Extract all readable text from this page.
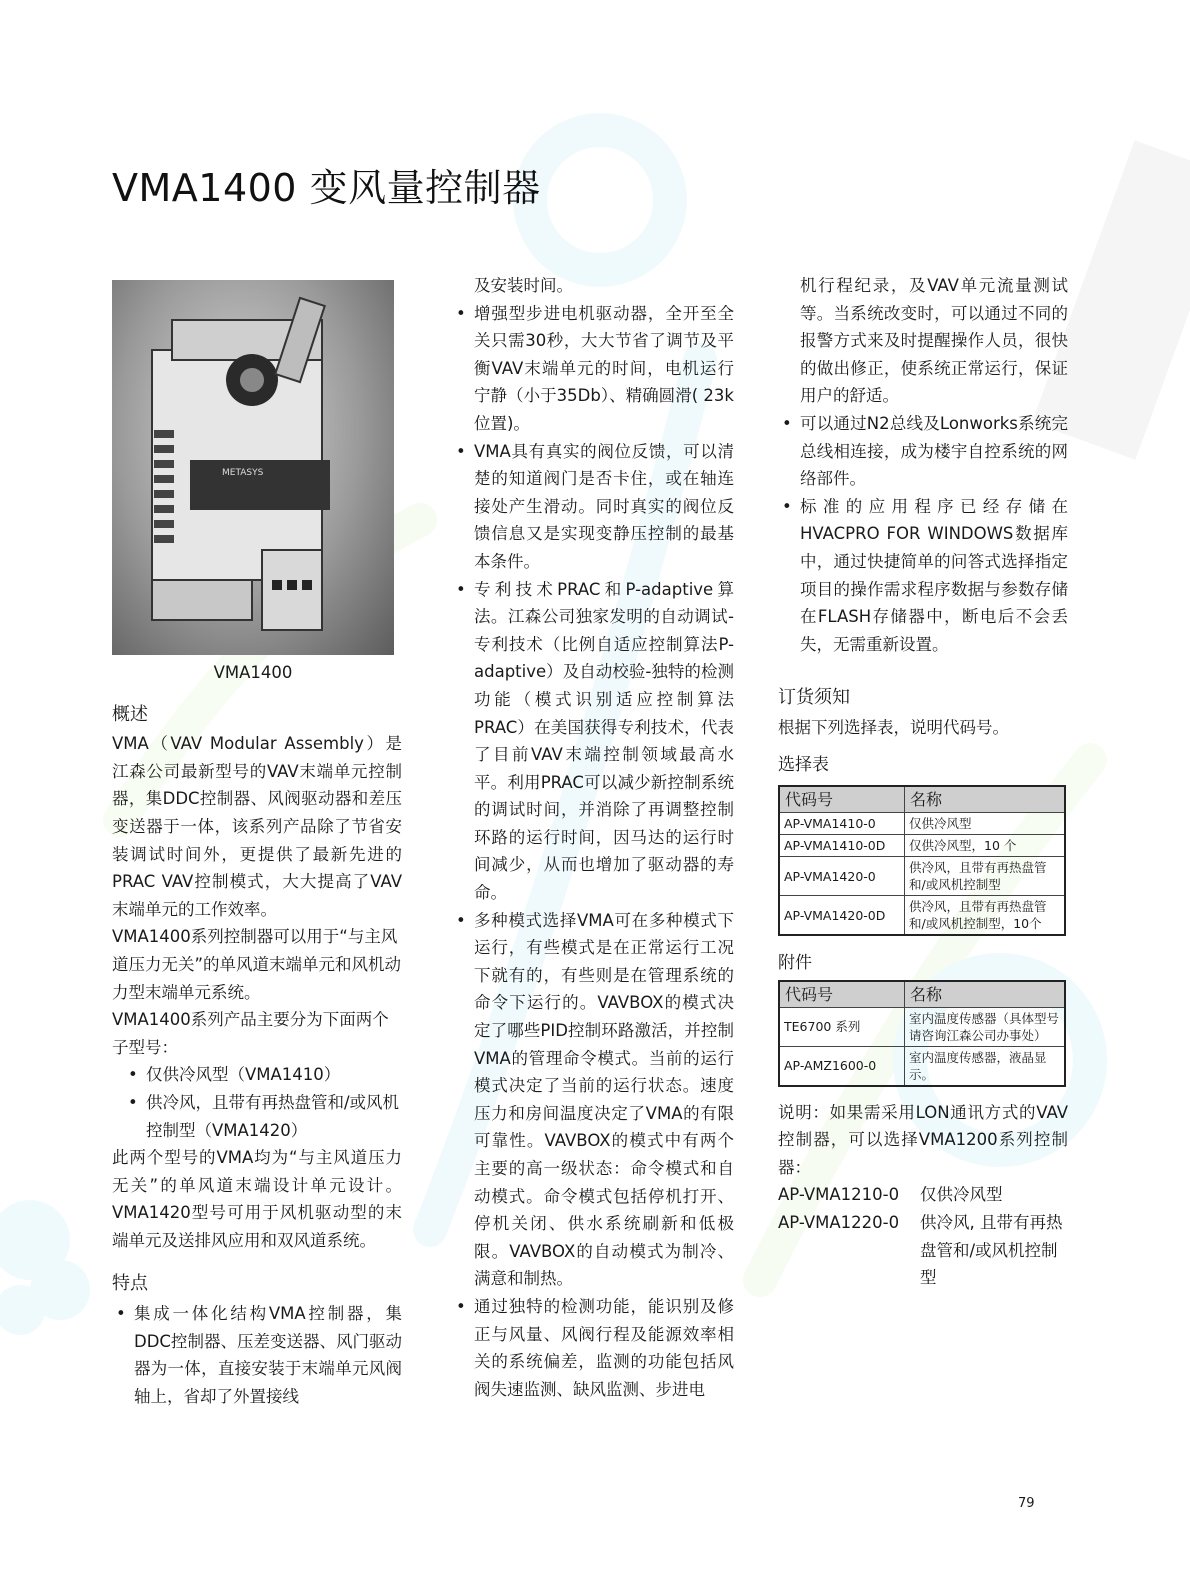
VMA1400 变风量控制器
METASYS
VMA1400
概述

VMA（VAV Modular Assembly）是江森公司最新型号的VAV末端单元控制器，集DDC控制器、风阀驱动器和差压变送器于一体，该系列产品除了节省安装调试时间外，更提供了最新先进的PRAC VAV控制模式，大大提高了VAV末端单元的工作效率。

VMA1400系列控制器可以用于“与主风道压力无关”的单风道末端单元和风机动力型末端单元系统。

VMA1400系列产品主要分为下面两个子型号：

• 仅供冷风型（VMA1410）
• 供冷风，且带有再热盘管和/或风机控制型（VMA1420）

此两个型号的VMA均为“与主风道压力无关”的单风道末端设计单元设计。VMA1420型号可用于风机驱动型的末端单元及送排风应用和双风道系统。

特点
• 集成一体化结构VMA控制器，集DDC控制器、压差变送器、风门驱动器为一体，直接安装于末端单元风阀轴上，省却了外置接线

及安装时间。

• 增强型步进电机驱动器，全开至全关只需30秒，大大节省了调节及平衡VAV末端单元的时间，电机运行宁静（小于35Db）、精确圆滑( 23k位置)。
• VMA具有真实的阀位反馈，可以清楚的知道阀门是否卡住，或在轴连接处产生滑动。同时真实的阀位反馈信息又是实现变静压控制的最基本条件。
• 专利技术PRAC和P-adaptive算法。江森公司独家发明的自动调试-专利技术（比例自适应控制算法P-adaptive）及自动校验-独特的检测功能（模式识别适应控制算法PRAC）在美国获得专利技术，代表了目前VAV末端控制领域最高水平。利用PRAC可以减少新控制系统的调试时间，并消除了再调整控制环路的运行时间，因马达的运行时间减少，从而也增加了驱动器的寿命。
• 多种模式选择VMA可在多种模式下运行，有些模式是在正常运行工况下就有的，有些则是在管理系统的命令下运行的。VAVBOX的模式决定了哪些PID控制环路激活，并控制VMA的管理命令模式。当前的运行模式决定了当前的运行状态。速度压力和房间温度决定了VMA的有限可靠性。VAVBOX的模式中有两个主要的高一级状态：命令模式和自动模式。命令模式包括停机打开、停机关闭、供水系统刷新和低极限。VAVBOX的自动模式为制冷、满意和制热。
• 通过独特的检测功能，能识别及修正与风量、风阀行程及能源效率相关的系统偏差，监测的功能包括风阀失速监测、缺风监测、步进电

机行程纪录，及VAV单元流量测试等。当系统改变时，可以通过不同的报警方式来及时提醒操作人员，很快的做出修正，使系统正常运行，保证用户的舒适。

• 可以通过N2总线及Lonworks系统完总线相连接，成为楼宇自控系统的网络部件。
• 标准的应用程序已经存储在HVACPRO FOR WINDOWS数据库中，通过快捷简单的问答式选择指定项目的操作需求程序数据与参数存储在FLASH存储器中，断电后不会丢失，无需重新设置。
订货须知

根据下列选择表，说明代码号。

选择表
代码号	名称
AP-VMA1410-0	仅供冷风型
AP-VMA1410-0D	仅供冷风型，10 个
AP-VMA1420-0	供冷风，且带有再热盘管和/或风机控制型
AP-VMA1420-0D	供冷风，且带有再热盘管和/或风机控制型，10个
附件
代码号	名称
TE6700 系列	室内温度传感器（具体型号请咨询江森公司办事处）
AP-AMZ1600-0	室内温度传感器，液晶显示。

说明：如果需采用LON通讯方式的VAV控制器，可以选择VMA1200系列控制器：

AP-VMA1210-0	仅供冷风型
AP-VMA1220-0	供冷风, 且带有再热盘管和/或风机控制型
79
